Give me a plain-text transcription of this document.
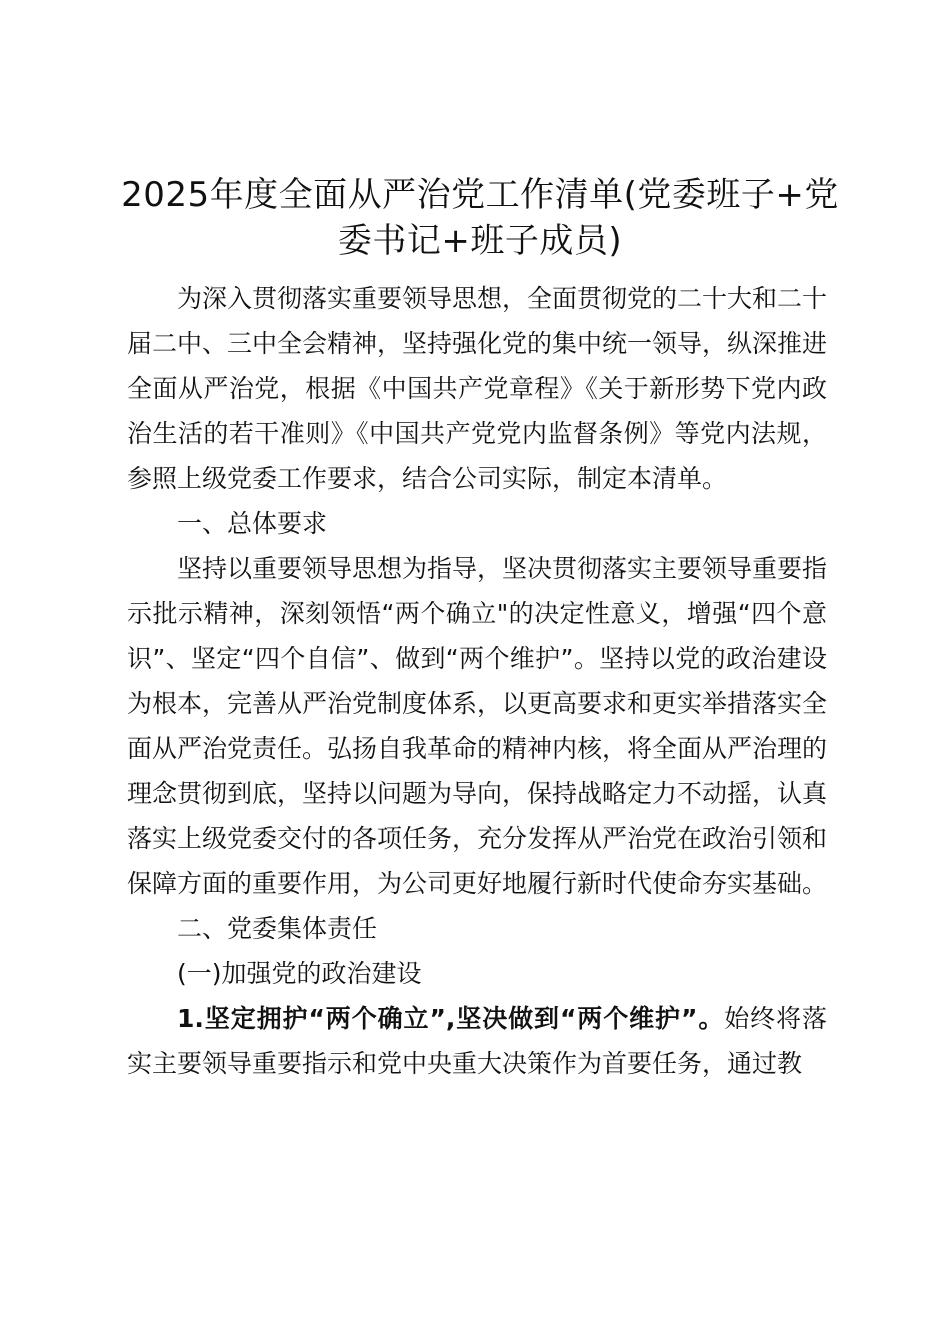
2025年度全面从严治党工作清单(党委班子+党委书记+班子成员)

为深入贯彻落实重要领导思想，全面贯彻党的二十大和二十届二中、三中全会精神，坚持强化党的集中统一领导，纵深推进全面从严治党，根据《中国共产党章程》《关于新形势下党内政治生活的若干准则》《中国共产党党内监督条例》等党内法规，参照上级党委工作要求，结合公司实际，制定本清单。

一、总体要求

坚持以重要领导思想为指导，坚决贯彻落实主要领导重要指示批示精神，深刻领悟“两个确立"的决定性意义，增强“四个意识”、坚定“四个自信”、做到“两个维护”。坚持以党的政治建设为根本，完善从严治党制度体系，以更高要求和更实举措落实全面从严治党责任。弘扬自我革命的精神内核，将全面从严治理的理念贯彻到底，坚持以问题为导向，保持战略定力不动摇，认真落实上级党委交付的各项任务，充分发挥从严治党在政治引领和保障方面的重要作用，为公司更好地履行新时代使命夯实基础。

二、党委集体责任

(一)加强党的政治建设

1.坚定拥护“两个确立”,坚决做到“两个维护”。始终将落实主要领导重要指示和党中央重大决策作为首要任务，通过教
